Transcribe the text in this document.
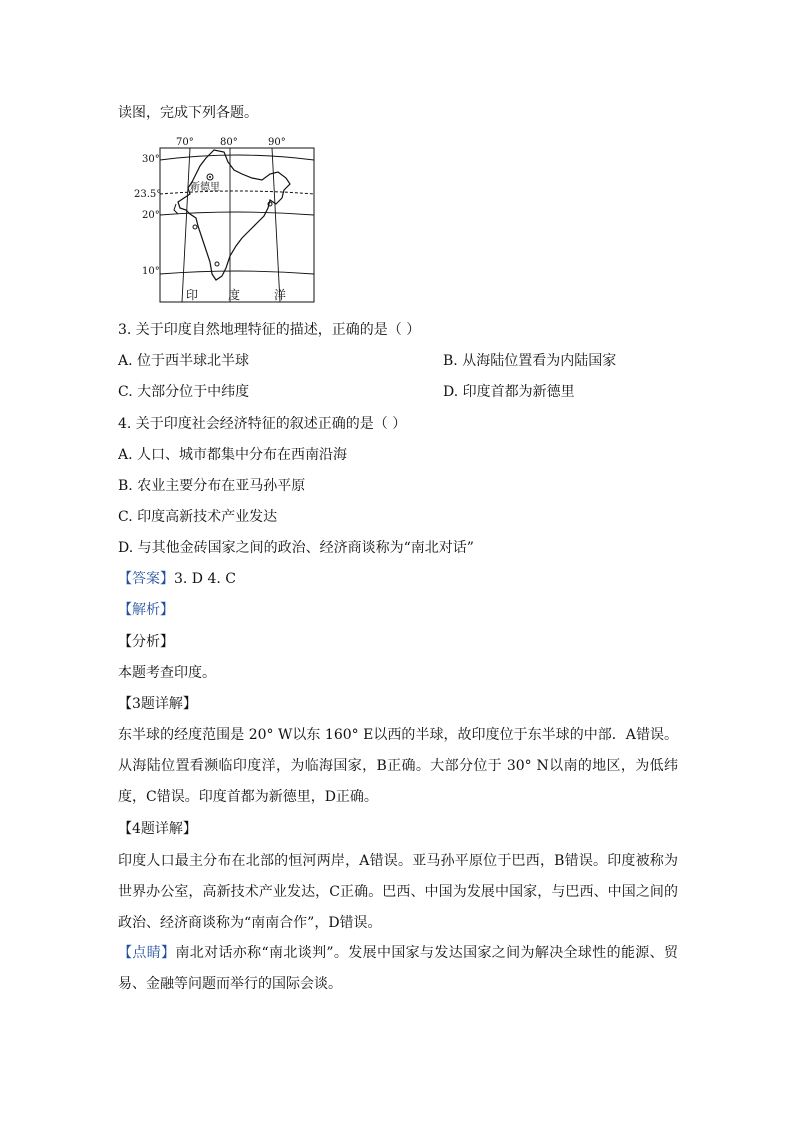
读图，完成下列各题。
70°	80°	90°
30°
23.5°
20°
10°
新德里
印 度	洋
3. 关于印度自然地理特征的描述，正确的是（ ）
A. 位于西半球北半球	B. 从海陆位置看为内陆国家
C. 大部分位于中纬度	D. 印度首都为新德里
4. 关于印度社会经济特征的叙述正确的是（ ）
A. 人口、城市都集中分布在西南沿海
B. 农业主要分布在亚马孙平原
C. 印度高新技术产业发达
D. 与其他金砖国家之间的政治、经济商谈称为“南北对话”
【答案】3. D 4. C
【解析】
【分析】
本题考查印度。
【3题详解】
东半球的经度范围是 20° W以东 160° E以西的半球，故印度位于东半球的中部．A错误。从海陆位置看濒临印度洋，为临海国家，B正确。大部分位于 30° N以南的地区，为低纬度，C错误。印度首都为新德里，D正确。
【4题详解】
印度人口最主分布在北部的恒河两岸，A错误。亚马孙平原位于巴西，B错误。印度被称为世界办公室，高新技术产业发达，C正确。巴西、中国为发展中国家，与巴西、中国之间的政治、经济商谈称为“南南合作”，D错误。
【点睛】南北对话亦称“南北谈判”。发展中国家与发达国家之间为解决全球性的能源、贸易、金融等问题而举行的国际会谈。
